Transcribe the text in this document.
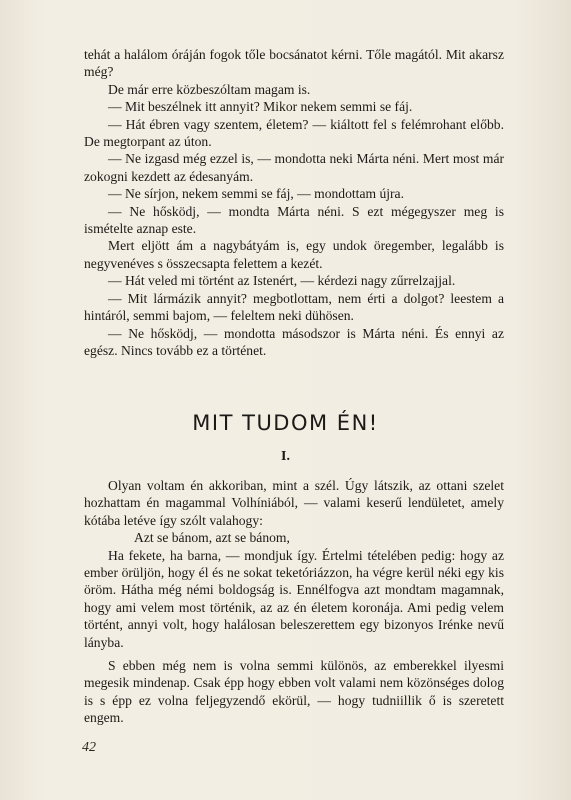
tehát a halálom óráján fogok tőle bocsánatot kérni. Tőle magától. Mit akarsz még?

De már erre közbeszóltam magam is.

— Mit beszélnek itt annyit? Mikor nekem semmi se fáj.

— Hát ébren vagy szentem, életem? — kiáltott fel s felémrohant előbb. De megtorpant az úton.

— Ne izgasd még ezzel is, — mondotta neki Márta néni. Mert most már zokogni kezdett az édesanyám.

— Ne sírjon, nekem semmi se fáj, — mondottam újra.

— Ne hősködj, — mondta Márta néni. S ezt mégegyszer meg is ismételte aznap este.

Mert eljött ám a nagybátyám is, egy undok öregember, legalább is negyvenéves s összecsapta felettem a kezét.

— Hát veled mi történt az Istenért, — kérdezi nagy zűrrelzajjal.

— Mit lármázik annyit? megbotlottam, nem érti a dolgot? leestem a hintáról, semmi bajom, — feleltem neki dühösen.

— Ne hősködj, — mondotta másodszor is Márta néni. És ennyi az egész. Nincs tovább ez a történet.

MIT TUDOM ÉN!
I.

Olyan voltam én akkoriban, mint a szél. Úgy látszik, az ottani szelet hozhattam én magammal Volhíniából, — valami keserű lendületet, amely kótába letéve így szólt valahogy:

Azt se bánom, azt se bánom,

Ha fekete, ha barna, — mondjuk így. Értelmi tételében pedig: hogy az ember örüljön, hogy él és ne sokat teketóriázzon, ha végre kerül néki egy kis öröm. Hátha még némi boldogság is. Ennélfogva azt mondtam magamnak, hogy ami velem most történik, az az én életem koronája. Ami pedig velem történt, annyi volt, hogy halálosan beleszerettem egy bizonyos Irénke nevű lányba.

S ebben még nem is volna semmi különös, az emberekkel ilyesmi megesik mindenap. Csak épp hogy ebben volt valami nem közönséges dolog is s épp ez volna feljegyzendő ekörül, — hogy tudniillik ő is szeretett engem.

42
